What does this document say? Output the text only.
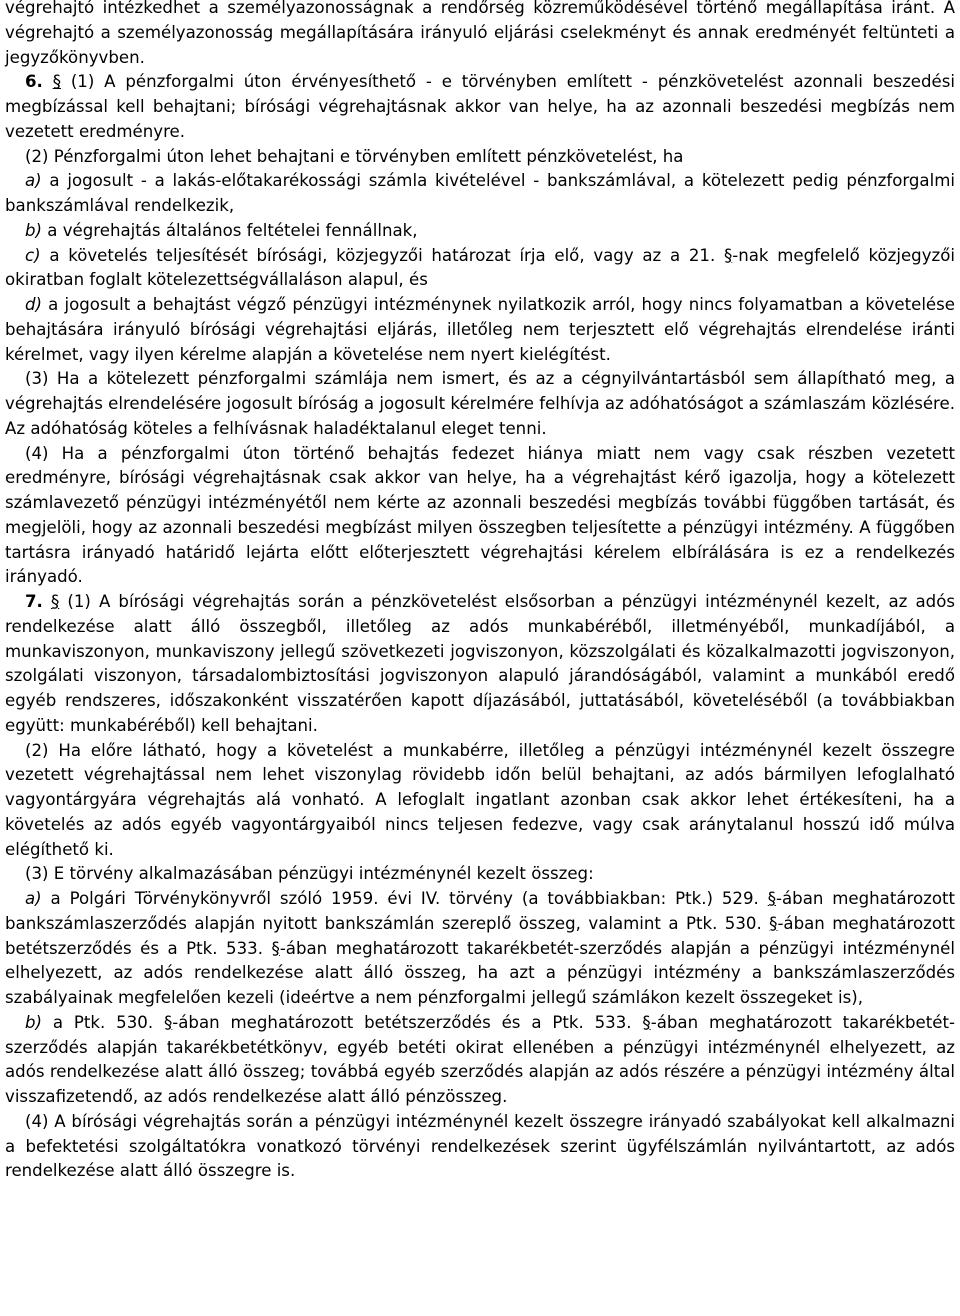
végrehajtó intézkedhet a személyazonosságnak a rendőrség közreműködésével történő megállapítása iránt. A végrehajtó a személyazonosság megállapítására irányuló eljárási cselekményt és annak eredményét feltünteti a jegyzőkönyvben.

6. § (1) A pénzforgalmi úton érvényesíthető - e törvényben említett - pénzkövetelést azonnali beszedési megbízással kell behajtani; bírósági végrehajtásnak akkor van helye, ha az azonnali beszedési megbízás nem vezetett eredményre.

(2) Pénzforgalmi úton lehet behajtani e törvényben említett pénzkövetelést, ha

a) a jogosult - a lakás-előtakarékossági számla kivételével - bankszámlával, a kötelezett pedig pénzforgalmi bankszámlával rendelkezik,

b) a végrehajtás általános feltételei fennállnak,

c) a követelés teljesítését bírósági, közjegyzői határozat írja elő, vagy az a 21. §-nak megfelelő közjegyzői okiratban foglalt kötelezettségvállaláson alapul, és

d) a jogosult a behajtást végző pénzügyi intézménynek nyilatkozik arról, hogy nincs folyamatban a követelése behajtására irányuló bírósági végrehajtási eljárás, illetőleg nem terjesztett elő végrehajtás elrendelése iránti kérelmet, vagy ilyen kérelme alapján a követelése nem nyert kielégítést.

(3) Ha a kötelezett pénzforgalmi számlája nem ismert, és az a cégnyilvántartásból sem állapítható meg, a végrehajtás elrendelésére jogosult bíróság a jogosult kérelmére felhívja az adóhatóságot a számlaszám közlésére. Az adóhatóság köteles a felhívásnak haladéktalanul eleget tenni.

(4) Ha a pénzforgalmi úton történő behajtás fedezet hiánya miatt nem vagy csak részben vezetett eredményre, bírósági végrehajtásnak csak akkor van helye, ha a végrehajtást kérő igazolja, hogy a kötelezett számlavezető pénzügyi intézményétől nem kérte az azonnali beszedési megbízás további függőben tartását, és megjelöli, hogy az azonnali beszedési megbízást milyen összegben teljesítette a pénzügyi intézmény. A függőben tartásra irányadó határidő lejárta előtt előterjesztett végrehajtási kérelem elbírálására is ez a rendelkezés irányadó.

7. § (1) A bírósági végrehajtás során a pénzkövetelést elsősorban a pénzügyi intézménynél kezelt, az adós rendelkezése alatt álló összegből, illetőleg az adós munkabéréből, illetményéből, munkadíjából, a munkaviszonyon, munkaviszony jellegű szövetkezeti jogviszonyon, közszolgálati és közalkalmazotti jogviszonyon, szolgálati viszonyon, társadalombiztosítási jogviszonyon alapuló járandóságából, valamint a munkából eredő egyéb rendszeres, időszakonként visszatérően kapott díjazásából, juttatásából, követeléséből (a továbbiakban együtt: munkabéréből) kell behajtani.

(2) Ha előre látható, hogy a követelést a munkabérre, illetőleg a pénzügyi intézménynél kezelt összegre vezetett végrehajtással nem lehet viszonylag rövidebb időn belül behajtani, az adós bármilyen lefoglalható vagyontárgyára végrehajtás alá vonható. A lefoglalt ingatlant azonban csak akkor lehet értékesíteni, ha a követelés az adós egyéb vagyontárgyaiból nincs teljesen fedezve, vagy csak aránytalanul hosszú idő múlva elégíthető ki.

(3) E törvény alkalmazásában pénzügyi intézménynél kezelt összeg:

a) a Polgári Törvénykönyvről szóló 1959. évi IV. törvény (a továbbiakban: Ptk.) 529. §-ában meghatározott bankszámlaszerződés alapján nyitott bankszámlán szereplő összeg, valamint a Ptk. 530. §-ában meghatározott betétszerződés és a Ptk. 533. §-ában meghatározott takarékbetét-szerződés alapján a pénzügyi intézménynél elhelyezett, az adós rendelkezése alatt álló összeg, ha azt a pénzügyi intézmény a bankszámlaszerződés szabályainak megfelelően kezeli (ideértve a nem pénzforgalmi jellegű számlákon kezelt összegeket is),

b) a Ptk. 530. §-ában meghatározott betétszerződés és a Ptk. 533. §-ában meghatározott takarékbetét-szerződés alapján takarékbetétkönyv, egyéb betéti okirat ellenében a pénzügyi intézménynél elhelyezett, az adós rendelkezése alatt álló összeg; továbbá egyéb szerződés alapján az adós részére a pénzügyi intézmény által visszafizetendő, az adós rendelkezése alatt álló pénzösszeg.

(4) A bírósági végrehajtás során a pénzügyi intézménynél kezelt összegre irányadó szabályokat kell alkalmazni a befektetési szolgáltatókra vonatkozó törvényi rendelkezések szerint ügyfélszámlán nyilvántartott, az adós rendelkezése alatt álló összegre is.
